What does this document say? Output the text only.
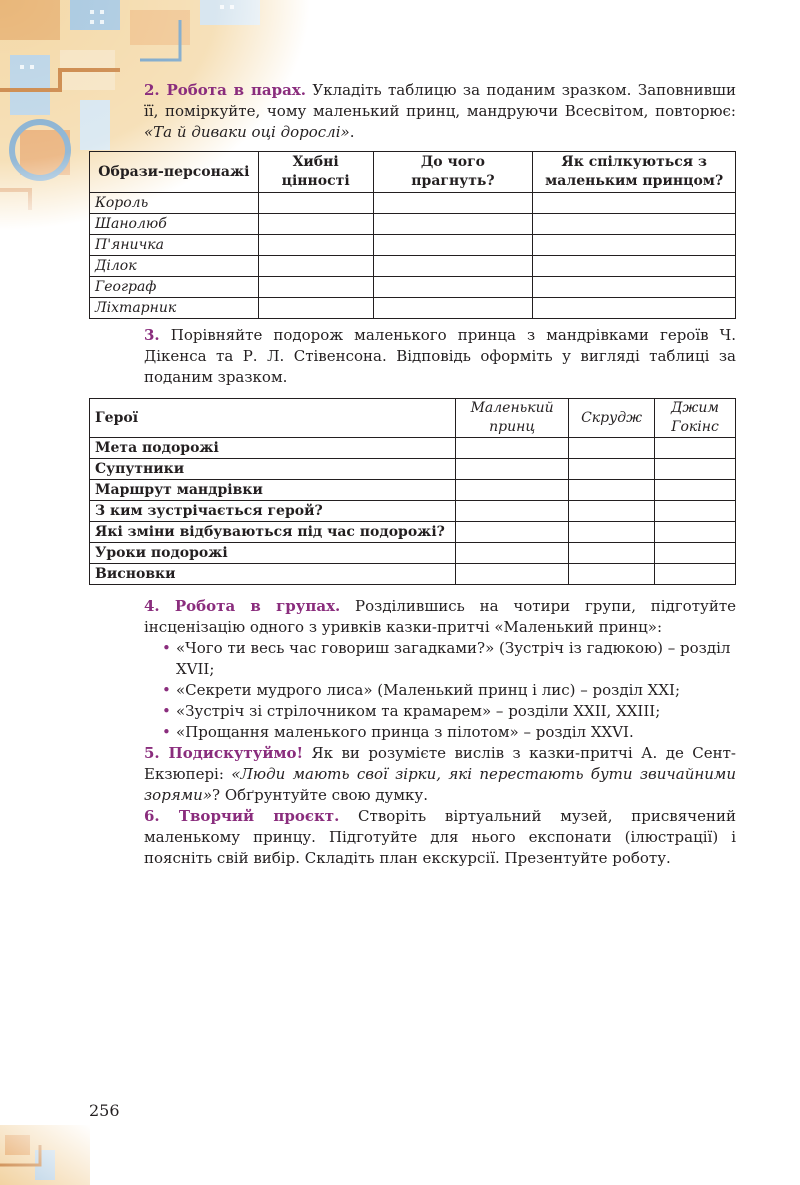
2. Робота в парах. Укладіть таблицю за поданим зразком. Заповнивши її, поміркуйте, чому маленький принц, мандруючи Всесвітом, повторює: «Та й диваки оці дорослі».
Образи-персонажі	Хибні цінності	До чого прагнуть?	Як спілкуються з маленьким принцом?
Король			
Шанолюб			
П'яничка			
Ділок			
Географ			
Ліхтарник			
3. Порівняйте подорож маленького принца з мандрівками героїв Ч. Дікенса та Р. Л. Стівенсона. Відповідь оформіть у вигляді таблиці за поданим зразком.
Герої	Маленький принц	Скрудж	Джим Гокінс
Мета подорожі			
Супутники			
Маршрут мандрівки			
З ким зустрічається герой?			
Які зміни відбуваються під час подорожі?			
Уроки подорожі			
Висновки			

4. Робота в групах. Розділившись на чотири групи, підготуйте інсценізацію одного з уривків казки-притчі «Маленький принц»:

• «Чого ти весь час говориш загадками?» (Зустріч із гадюкою) – розділ XVII;
• «Секрети мудрого лиса» (Маленький принц і лис) – розділ XXI;
• «Зустріч зі стрілочником та крамарем» – розділи XXII, XXIII;
• «Прощання маленького принца з пілотом» – розділ XXVI.

5. Подискутуймо! Як ви розумієте вислів з казки-притчі А. де Сент-Екзюпері: «Люди мають свої зірки, які перестають бути звичайними зорями»? Обґрунтуйте свою думку.

6. Творчий проєкт. Створіть віртуальний музей, присвячений маленькому принцу. Підготуйте для нього експонати (ілюстрації) і поясніть свій вибір. Складіть план екскурсії. Презентуйте роботу.

256
